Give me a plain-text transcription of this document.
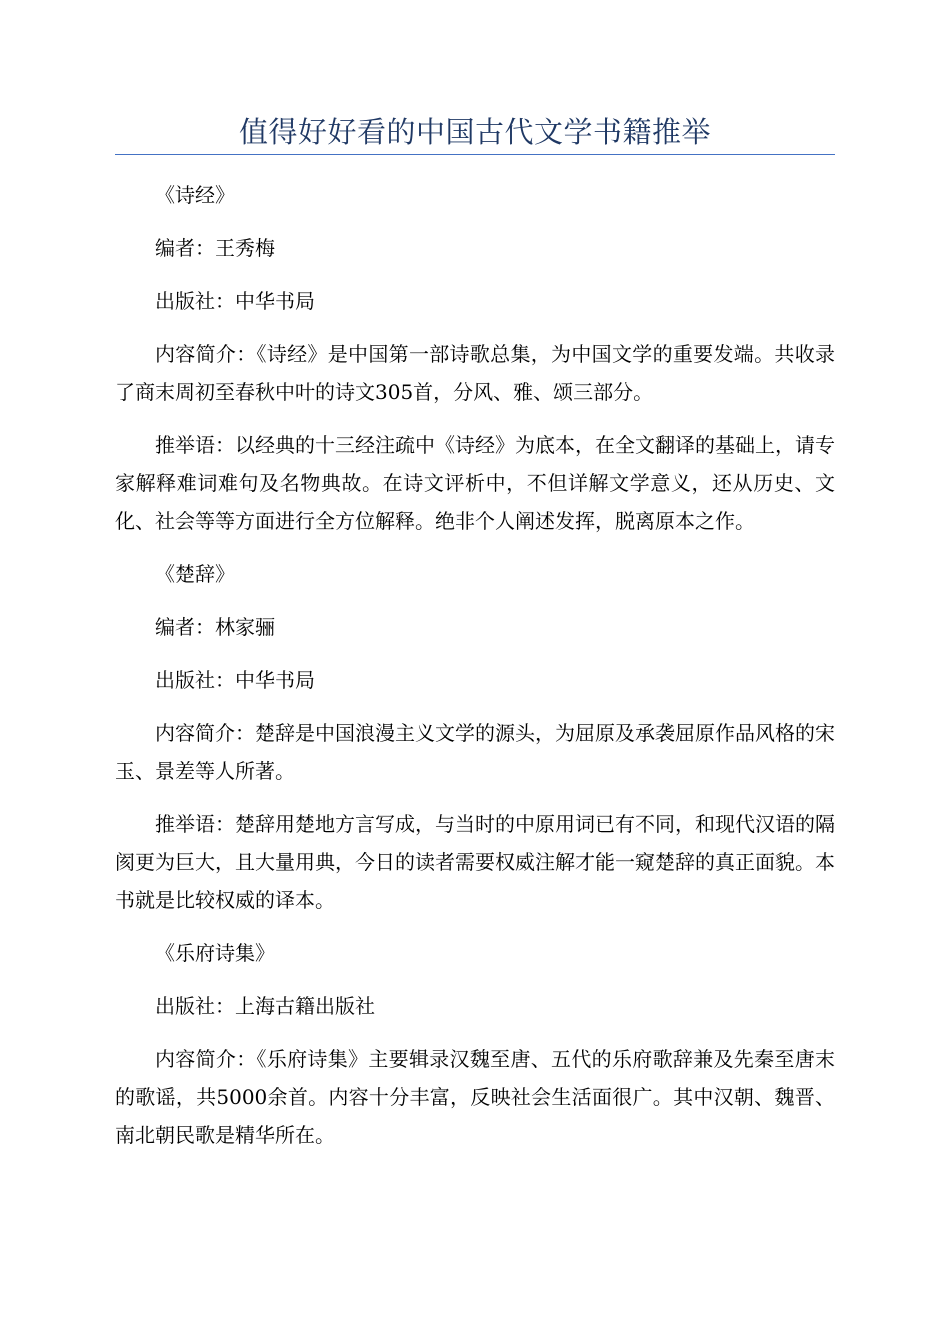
值得好好看的中国古代文学书籍推举

《诗经》

编者：王秀梅

出版社：中华书局

内容简介：《诗经》是中国第一部诗歌总集，为中国文学的重要发端。共收录了商末周初至春秋中叶的诗文305首，分风、雅、颂三部分。

推举语：以经典的十三经注疏中《诗经》为底本，在全文翻译的基础上，请专家解释难词难句及名物典故。在诗文评析中，不但详解文学意义，还从历史、文化、社会等等方面进行全方位解释。绝非个人阐述发挥，脱离原本之作。

《楚辞》

编者：林家骊

出版社：中华书局

内容简介：楚辞是中国浪漫主义文学的源头，为屈原及承袭屈原作品风格的宋玉、景差等人所著。

推举语：楚辞用楚地方言写成，与当时的中原用词已有不同，和现代汉语的隔阂更为巨大，且大量用典，今日的读者需要权威注解才能一窥楚辞的真正面貌。本书就是比较权威的译本。

《乐府诗集》

出版社：上海古籍出版社

内容简介：《乐府诗集》主要辑录汉魏至唐、五代的乐府歌辞兼及先秦至唐末的歌谣，共5000余首。内容十分丰富，反映社会生活面很广。其中汉朝、魏晋、南北朝民歌是精华所在。
